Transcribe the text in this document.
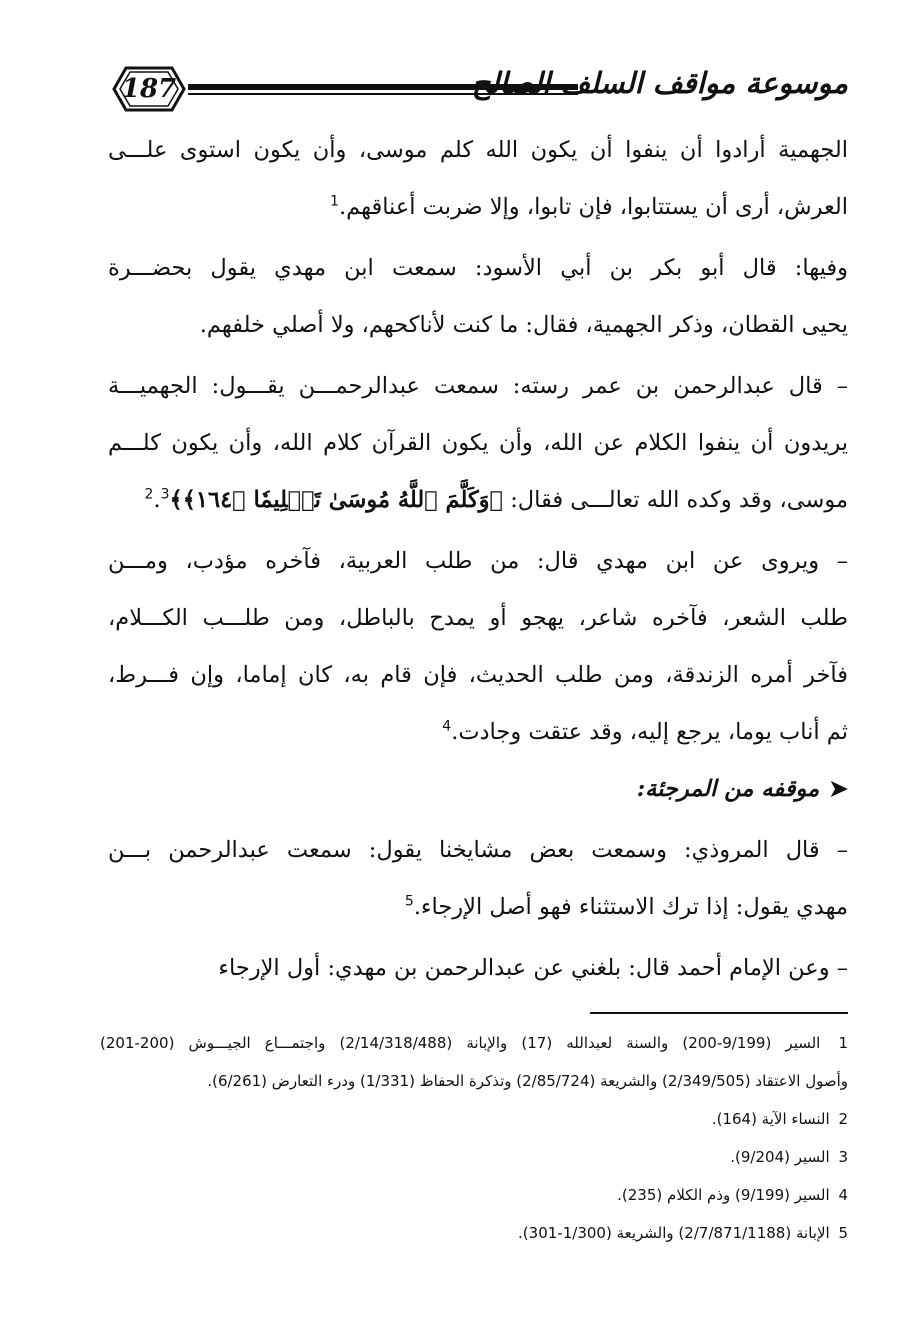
187	موسوعة مواقف السلف الصالح
الجهمية أرادوا أن ينفوا أن يكون الله كلم موسى، وأن يكون استوى علـــى
العرش، أرى أن يستتابوا، فإن تابوا، وإلا ضربت أعناقهم.$^1$
وفيها: قال أبو بكر بن أبي الأسود: سمعت ابن مهدي يقول بحضـــرة
يحيى القطان، وذكر الجهمية، فقال: ما كنت لأناكحهم، ولا أصلي خلفهم.
– قال عبدالرحمن بن عمر رسته: سمعت عبدالرحمـــن يقـــول: الجهميـــة
يريدون أن ينفوا الكلام عن الله، وأن يكون القرآن كلام الله، وأن يكون كلـــم
موسى، وقد وكده الله تعالـــى فقال: ﴿وَكَلَّمَ ٱللَّهُ مُوسَىٰ تَكۡلِيمٗا ﴿١٦٤﴾﴾$^2$.$^3$
– ويروى عن ابن مهدي قال: من طلب العربية، فآخره مؤدب، ومـــن
طلب الشعر، فآخره شاعر، يهجو أو يمدح بالباطل، ومن طلـــب الكـــلام،
فآخر أمره الزندقة، ومن طلب الحديث، فإن قام به، كان إماما، وإن فـــرط،
ثم أناب يوما، يرجع إليه، وقد عتقت وجادت.$^4$
➤موقفه من المرجئة:
– قال المروذي: وسمعت بعض مشايخنا يقول: سمعت عبدالرحمن بـــن
مهدي يقول: إذا ترك الاستثناء فهو أصل الإرجاء.$^5$
– وعن الإمام أحمد قال: بلغني عن عبدالرحمن بن مهدي: أول الإرجاء
1 السير (9/199-200) والسنة لعبدالله (17) والإبانة (2/14/318/488) واجتمـــاع الجيـــوش (200-201)
وأصول الاعتقاد (2/349/505) والشريعة (2/85/724) وتذكرة الحفاظ (1/331) ودرء التعارض (6/261).
2 النساء الآية (164).
3 السير (9/204).
4 السير (9/199) وذم الكلام (235).
5 الإبانة (2/7/871/1188) والشريعة (1/300-301).
